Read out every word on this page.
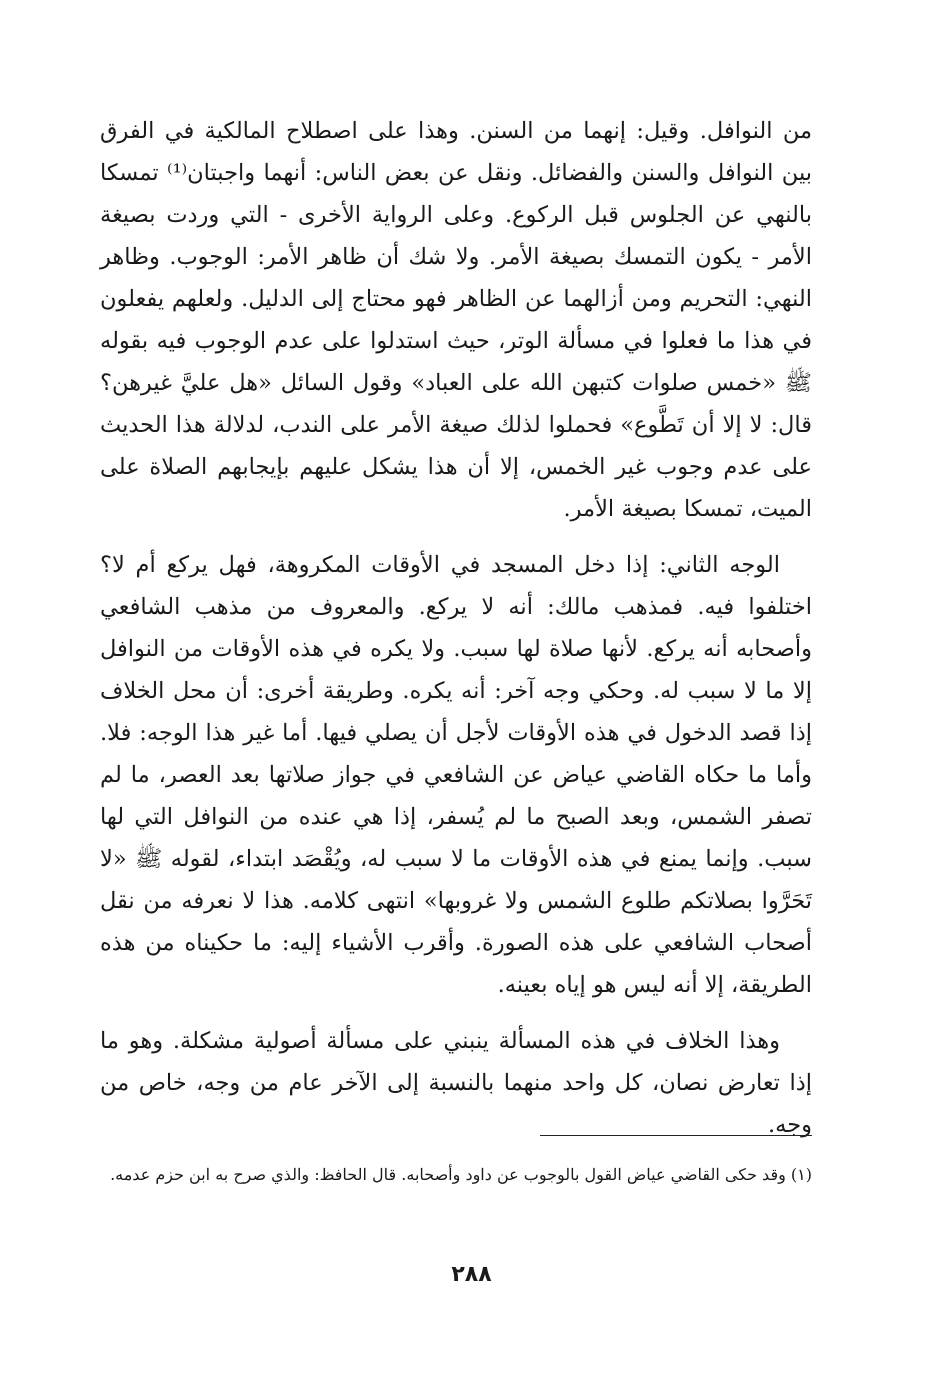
من النوافل. وقيل: إنهما من السنن. وهذا على اصطلاح المالكية في الفرق بين النوافل والسنن والفضائل. ونقل عن بعض الناس: أنهما واجبتان⁽¹⁾ تمسكا بالنهي عن الجلوس قبل الركوع. وعلى الرواية الأخرى - التي وردت بصيغة الأمر - يكون التمسك بصيغة الأمر. ولا شك أن ظاهر الأمر: الوجوب. وظاهر النهي: التحريم ومن أزالهما عن الظاهر فهو محتاج إلى الدليل. ولعلهم يفعلون في هذا ما فعلوا في مسألة الوتر، حيث استدلوا على عدم الوجوب فيه بقوله ﷺ «خمس صلوات كتبهن الله على العباد» وقول السائل «هل عليَّ غيرهن؟ قال: لا إلا أن تَطَّوع» فحملوا لذلك صيغة الأمر على الندب، لدلالة هذا الحديث على عدم وجوب غير الخمس، إلا أن هذا يشكل عليهم بإيجابهم الصلاة على الميت، تمسكا بصيغة الأمر.

الوجه الثاني: إذا دخل المسجد في الأوقات المكروهة، فهل يركع أم لا؟ اختلفوا فيه. فمذهب مالك: أنه لا يركع. والمعروف من مذهب الشافعي وأصحابه أنه يركع. لأنها صلاة لها سبب. ولا يكره في هذه الأوقات من النوافل إلا ما لا سبب له. وحكي وجه آخر: أنه يكره. وطريقة أخرى: أن محل الخلاف إذا قصد الدخول في هذه الأوقات لأجل أن يصلي فيها. أما غير هذا الوجه: فلا. وأما ما حكاه القاضي عياض عن الشافعي في جواز صلاتها بعد العصر، ما لم تصفر الشمس، وبعد الصبح ما لم يُسفر، إذا هي عنده من النوافل التي لها سبب. وإنما يمنع في هذه الأوقات ما لا سبب له، ويُقْصَد ابتداء، لقوله ﷺ «لا تَحَرَّوا بصلاتكم طلوع الشمس ولا غروبها» انتهى كلامه. هذا لا نعرفه من نقل أصحاب الشافعي على هذه الصورة. وأقرب الأشياء إليه: ما حكيناه من هذه الطريقة، إلا أنه ليس هو إياه بعينه.

وهذا الخلاف في هذه المسألة ينبني على مسألة أصولية مشكلة. وهو ما إذا تعارض نصان، كل واحد منهما بالنسبة إلى الآخر عام من وجه، خاص من وجه.

(١) وقد حكى القاضي عياض القول بالوجوب عن داود وأصحابه. قال الحافظ: والذي صرح به ابن حزم عدمه.

٢٨٨
